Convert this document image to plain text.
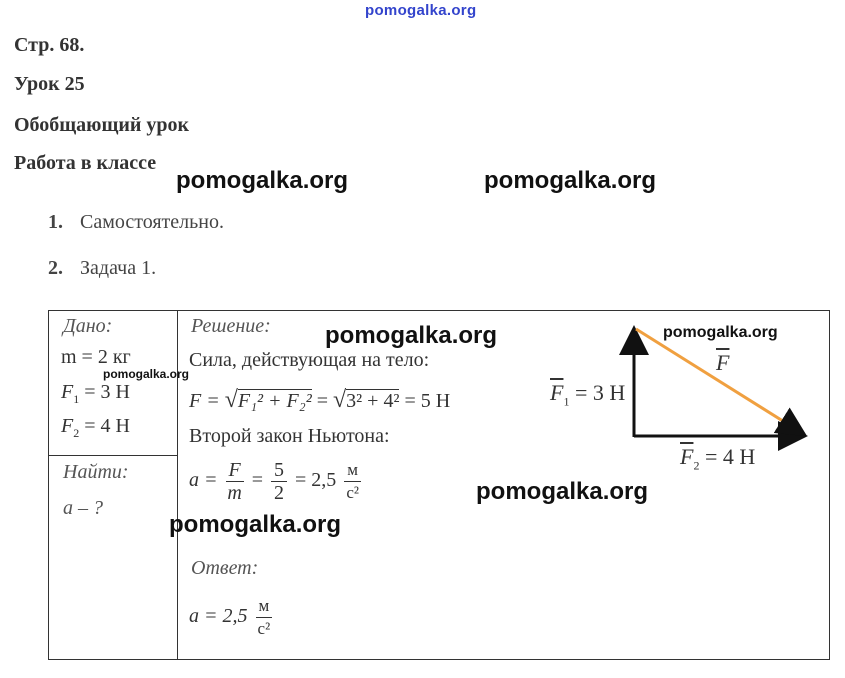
pomogalka.org
Стр. 68.
Урок 25
Обобщающий урок
Работа в классе
pomogalka.org	pomogalka.org
1. Самостоятельно.
2. Задача 1.
Дано:
m = 2 кг
$F_1 = 3$ Н
$F_2 = 4$ Н
Найти:
a – ?
Решение:
Сила, действующая на тело:
F = √F₁² + F₂² = √3² + 4² = 5 Н
Второй закон Ньютона:
$a = \frac{F}{m} = \frac{5}{2} = 2,5 \frac{м}{\text{с²}}$
Ответ:
$a = 2,5 \frac{м}{\text{с²}}$
$\overline{F}$
$\overline{F}_1 = 3$ Н
$\overline{F}_2 = 4$ Н
pomogalka.org	pomogalka.org
pomogalka.org
pomogalka.org
pomogalka.org
